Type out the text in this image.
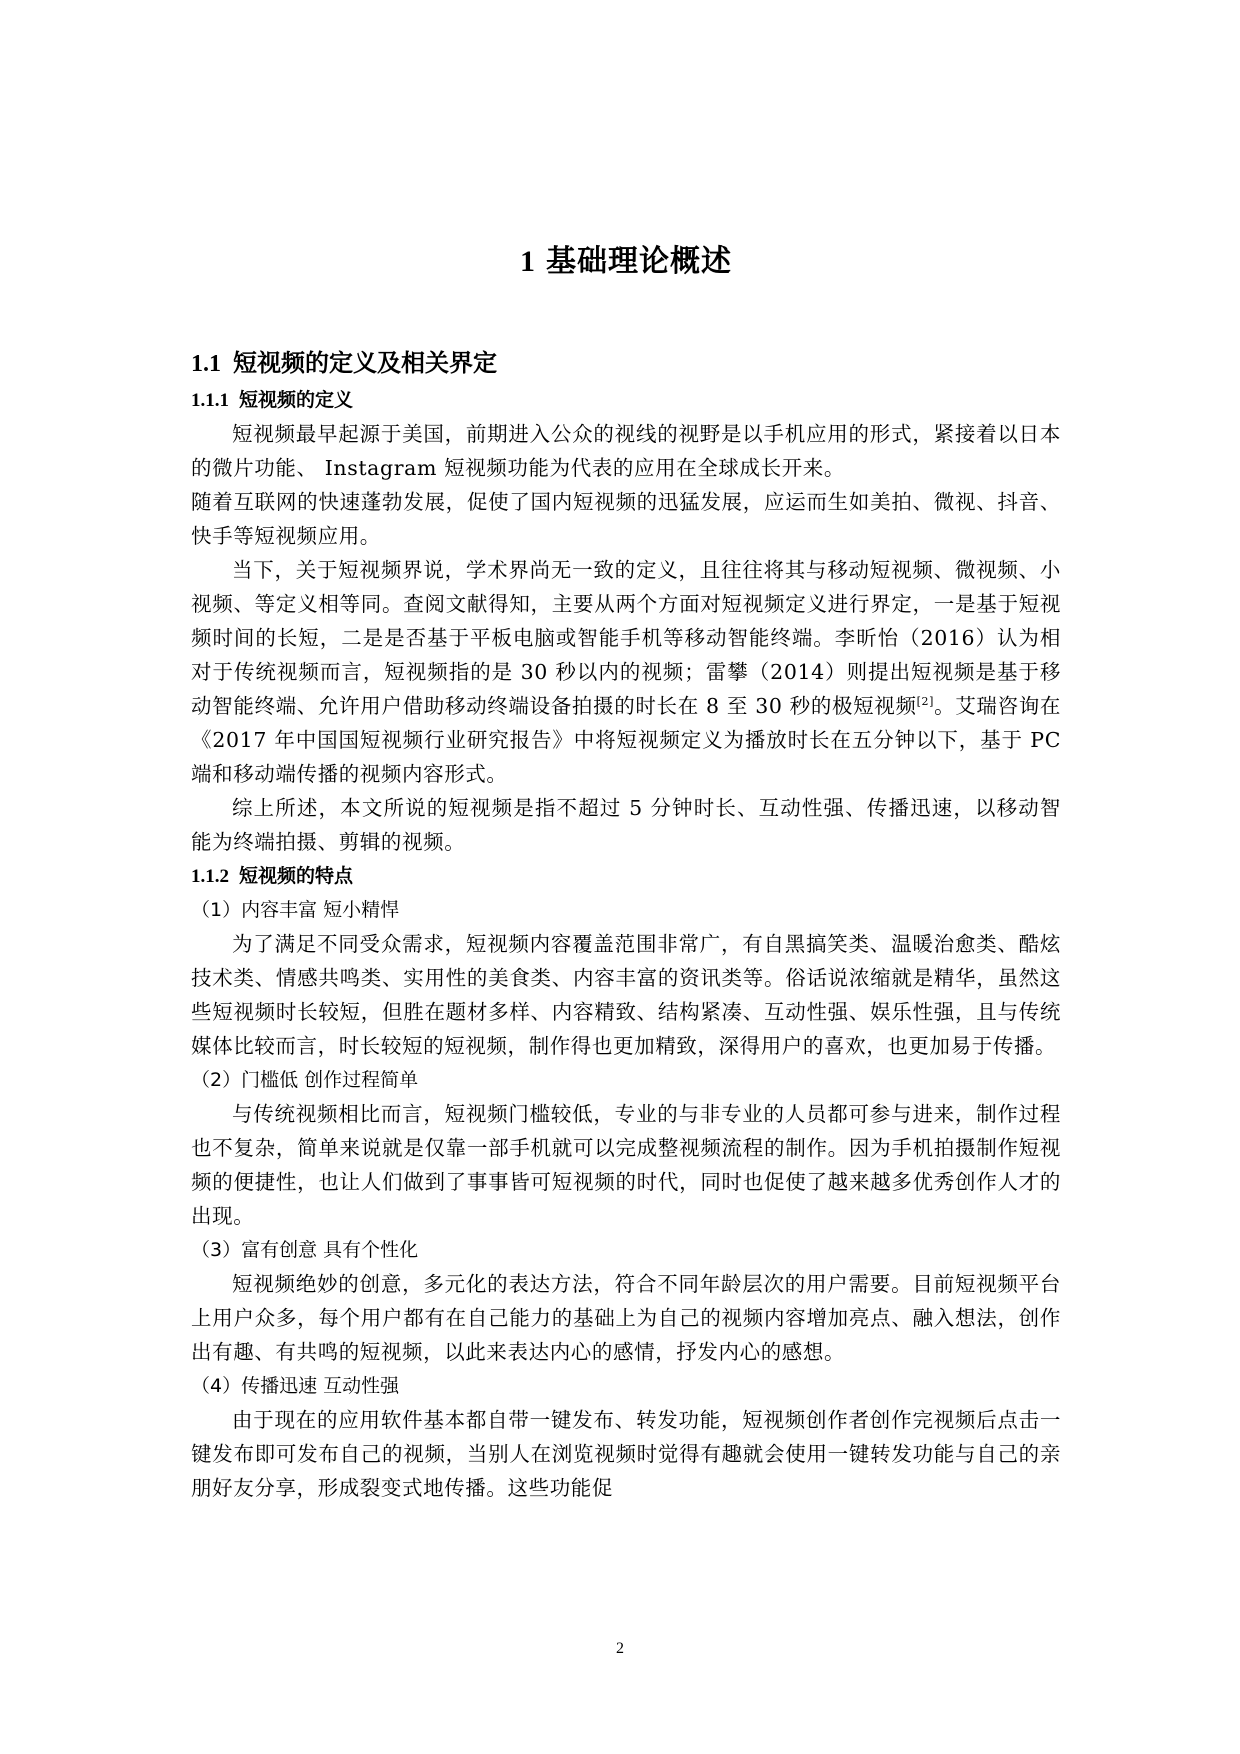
1 基础理论概述
1.1 短视频的定义及相关界定
1.1.1 短视频的定义

短视频最早起源于美国，前期进入公众的视线的视野是以手机应用的形式，紧接着以日本的微片功能、 Instagram 短视频功能为代表的应用在全球成长开来。

随着互联网的快速蓬勃发展，促使了国内短视频的迅猛发展，应运而生如美拍、微视、抖音、快手等短视频应用。

当下，关于短视频界说，学术界尚无一致的定义，且往往将其与移动短视频、微视频、小视频、等定义相等同。查阅文献得知，主要从两个方面对短视频定义进行界定，一是基于短视频时间的长短，二是是否基于平板电脑或智能手机等移动智能终端。李昕怡（2016）认为相对于传统视频而言，短视频指的是 30 秒以内的视频；雷攀（2014）则提出短视频是基于移动智能终端、允许用户借助移动终端设备拍摄的时长在 8 至 30 秒的极短视频[2]。艾瑞咨询在《2017 年中国国短视频行业研究报告》中将短视频定义为播放时长在五分钟以下，基于 PC 端和移动端传播的视频内容形式。

综上所述，本文所说的短视频是指不超过 5 分钟时长、互动性强、传播迅速，以移动智能为终端拍摄、剪辑的视频。

1.1.2 短视频的特点
（1）内容丰富 短小精悍

为了满足不同受众需求，短视频内容覆盖范围非常广，有自黑搞笑类、温暖治愈类、酷炫技术类、情感共鸣类、实用性的美食类、内容丰富的资讯类等。俗话说浓缩就是精华，虽然这些短视频时长较短，但胜在题材多样、内容精致、结构紧凑、互动性强、娱乐性强，且与传统媒体比较而言，时长较短的短视频，制作得也更加精致，深得用户的喜欢，也更加易于传播。

（2）门槛低 创作过程简单

与传统视频相比而言，短视频门槛较低，专业的与非专业的人员都可参与进来，制作过程也不复杂，简单来说就是仅靠一部手机就可以完成整视频流程的制作。因为手机拍摄制作短视频的便捷性，也让人们做到了事事皆可短视频的时代，同时也促使了越来越多优秀创作人才的出现。

（3）富有创意 具有个性化

短视频绝妙的创意，多元化的表达方法，符合不同年龄层次的用户需要。目前短视频平台上用户众多，每个用户都有在自己能力的基础上为自己的视频内容增加亮点、融入想法，创作出有趣、有共鸣的短视频，以此来表达内心的感情，抒发内心的感想。

（4）传播迅速 互动性强

由于现在的应用软件基本都自带一键发布、转发功能，短视频创作者创作完视频后点击一键发布即可发布自己的视频，当别人在浏览视频时觉得有趣就会使用一键转发功能与自己的亲朋好友分享，形成裂变式地传播。这些功能促

2
